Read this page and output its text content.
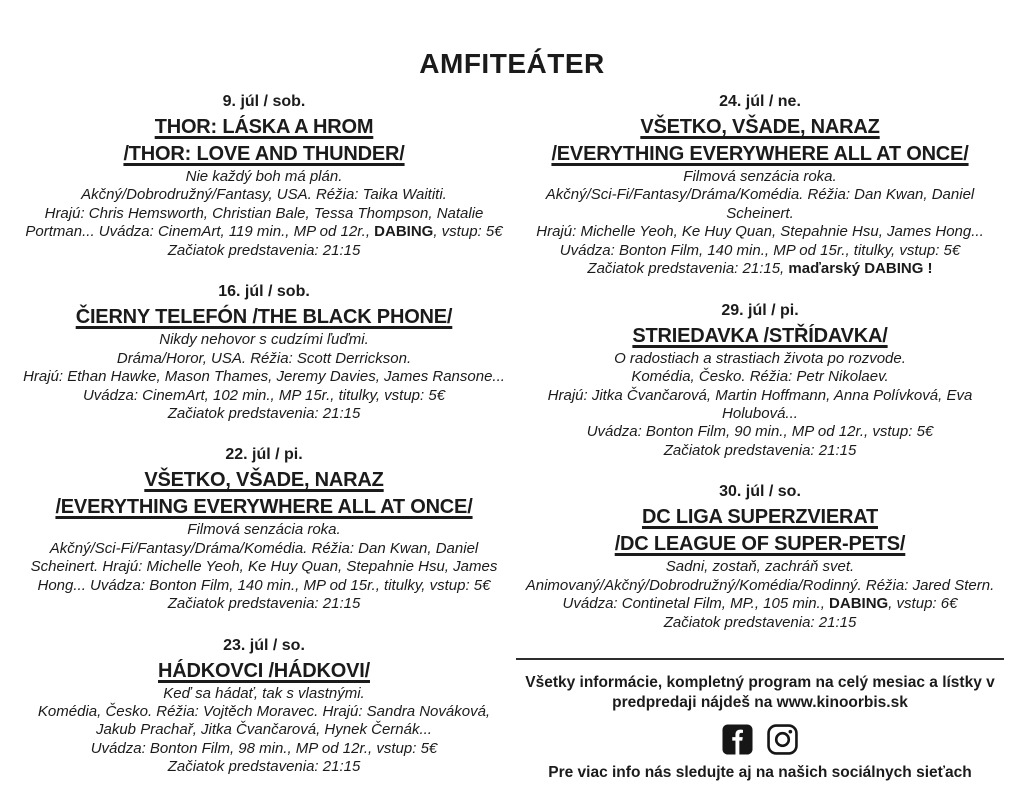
AMFITEÁTER
9. júl / sob.
THOR: LÁSKA A HROM
/THOR: LOVE AND THUNDER/

Nie každý boh má plán.

Akčný/Dobrodružný/Fantasy, USA. Réžia: Taika Waititi.

Hrajú: Chris Hemsworth, Christian Bale, Tessa Thompson, Natalie Portman... Uvádza: CinemArt, 119 min., MP od 12r., DABING, vstup: 5€

Začiatok predstavenia: 21:15

16. júl / sob.
ČIERNY TELEFÓN /THE BLACK PHONE/

Nikdy nehovor s cudzími ľuďmi.

Dráma/Horor, USA. Réžia: Scott Derrickson.

Hrajú: Ethan Hawke, Mason Thames, Jeremy Davies, James Ransone...

Uvádza: CinemArt, 102 min., MP 15r., titulky, vstup: 5€

Začiatok predstavenia: 21:15

22. júl / pi.
VŠETKO, VŠADE, NARAZ
/EVERYTHING EVERYWHERE ALL AT ONCE/

Filmová senzácia roka.

Akčný/Sci-Fi/Fantasy/Dráma/Komédia. Réžia: Dan Kwan, Daniel Scheinert. Hrajú: Michelle Yeoh, Ke Huy Quan, Stepahnie Hsu, James Hong... Uvádza: Bonton Film, 140 min., MP od 15r., titulky, vstup: 5€

Začiatok predstavenia: 21:15

23. júl / so.
HÁDKOVCI /HÁDKOVI/

Keď sa hádať, tak s vlastnými.

Komédia, Česko. Réžia: Vojtěch Moravec. Hrajú: Sandra Nováková, Jakub Prachař, Jitka Čvančarová, Hynek Černák...

Uvádza: Bonton Film, 98 min., MP od 12r., vstup: 5€

Začiatok predstavenia: 21:15

24. júl / ne.
VŠETKO, VŠADE, NARAZ
/EVERYTHING EVERYWHERE ALL AT ONCE/

Filmová senzácia roka.

Akčný/Sci-Fi/Fantasy/Dráma/Komédia. Réžia: Dan Kwan, Daniel Scheinert.

Hrajú: Michelle Yeoh, Ke Huy Quan, Stepahnie Hsu, James Hong...

Uvádza: Bonton Film, 140 min., MP od 15r., titulky, vstup: 5€

Začiatok predstavenia: 21:15, maďarský DABING !

29. júl / pi.
STRIEDAVKA /STŘÍDAVKA/

O radostiach a strastiach života po rozvode.

Komédia, Česko. Réžia: Petr Nikolaev.

Hrajú: Jitka Čvančarová, Martin Hoffmann, Anna Polívková, Eva Holubová...

Uvádza: Bonton Film, 90 min., MP od 12r., vstup: 5€

Začiatok predstavenia: 21:15

30. júl / so.
DC LIGA SUPERZVIERAT
/DC LEAGUE OF SUPER-PETS/

Sadni, zostaň, zachráň svet.

Animovaný/Akčný/Dobrodružný/Komédia/Rodinný. Réžia: Jared Stern.

Uvádza: Continetal Film, MP., 105 min., DABING, vstup: 6€

Začiatok predstavenia: 21:15

Všetky informácie, kompletný program na celý mesiac a lístky v predpredaji nájdeš na www.kinoorbis.sk

Pre viac info nás sledujte aj na našich sociálnych sieťach
